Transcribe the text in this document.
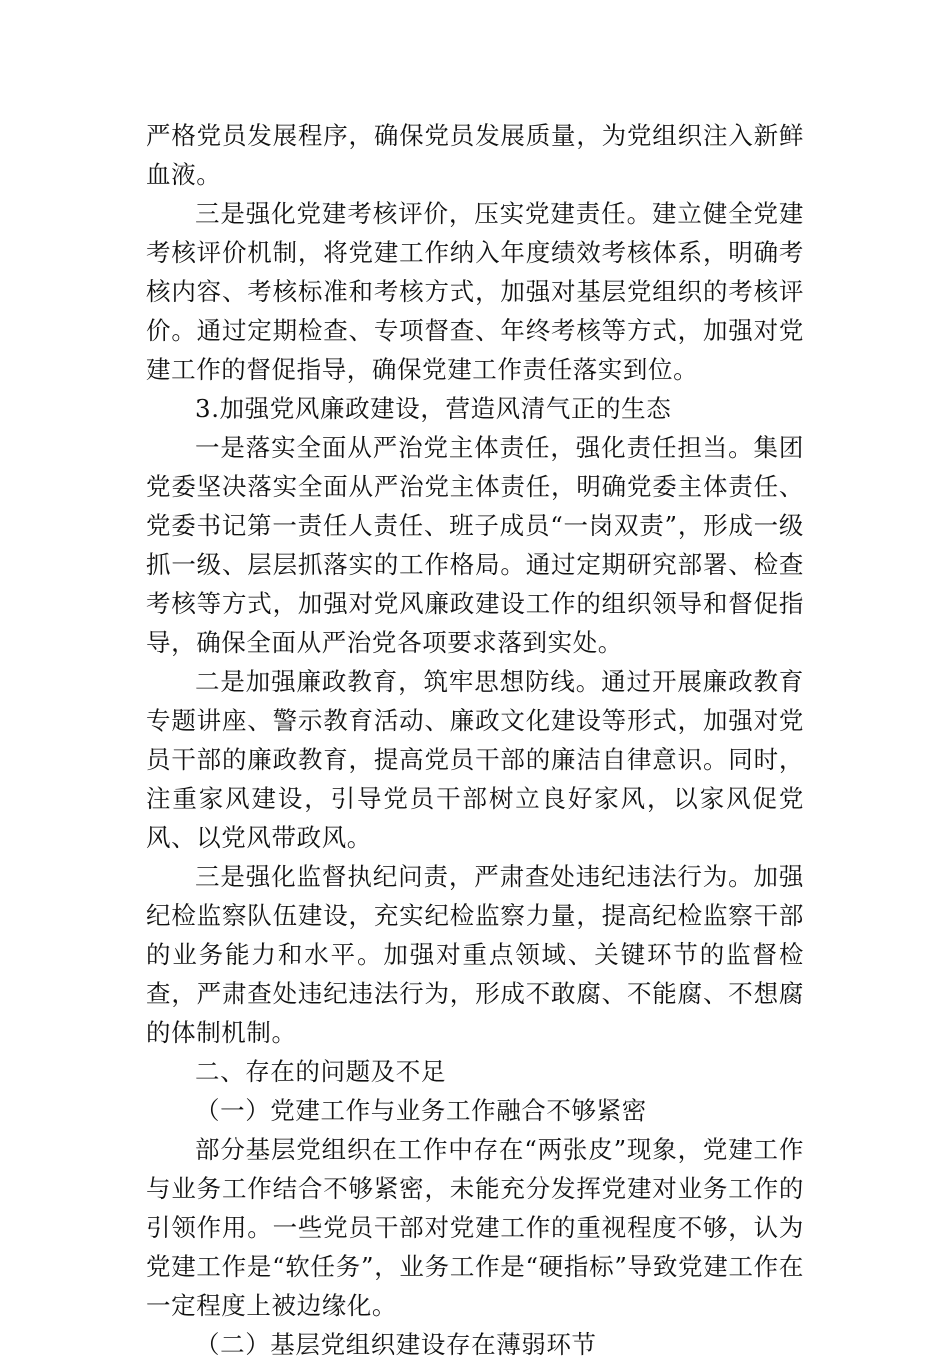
严格党员发展程序，确保党员发展质量，为党组织注入新鲜血液。

三是强化党建考核评价，压实党建责任。建立健全党建考核评价机制，将党建工作纳入年度绩效考核体系，明确考核内容、考核标准和考核方式，加强对基层党组织的考核评价。通过定期检查、专项督查、年终考核等方式，加强对党建工作的督促指导，确保党建工作责任落实到位。

3.加强党风廉政建设，营造风清气正的生态

一是落实全面从严治党主体责任，强化责任担当。集团党委坚决落实全面从严治党主体责任，明确党委主体责任、党委书记第一责任人责任、班子成员“一岗双责”，形成一级抓一级、层层抓落实的工作格局。通过定期研究部署、检查考核等方式，加强对党风廉政建设工作的组织领导和督促指导，确保全面从严治党各项要求落到实处。

二是加强廉政教育，筑牢思想防线。通过开展廉政教育专题讲座、警示教育活动、廉政文化建设等形式，加强对党员干部的廉政教育，提高党员干部的廉洁自律意识。同时，注重家风建设，引导党员干部树立良好家风，以家风促党风、以党风带政风。

三是强化监督执纪问责，严肃查处违纪违法行为。加强纪检监察队伍建设，充实纪检监察力量，提高纪检监察干部的业务能力和水平。加强对重点领域、关键环节的监督检查，严肃查处违纪违法行为，形成不敢腐、不能腐、不想腐的体制机制。

二、存在的问题及不足

（一）党建工作与业务工作融合不够紧密

部分基层党组织在工作中存在“两张皮”现象，党建工作与业务工作结合不够紧密，未能充分发挥党建对业务工作的引领作用。一些党员干部对党建工作的重视程度不够，认为党建工作是“软任务”，业务工作是“硬指标”导致党建工作在一定程度上被边缘化。

（二）基层党组织建设存在薄弱环节
